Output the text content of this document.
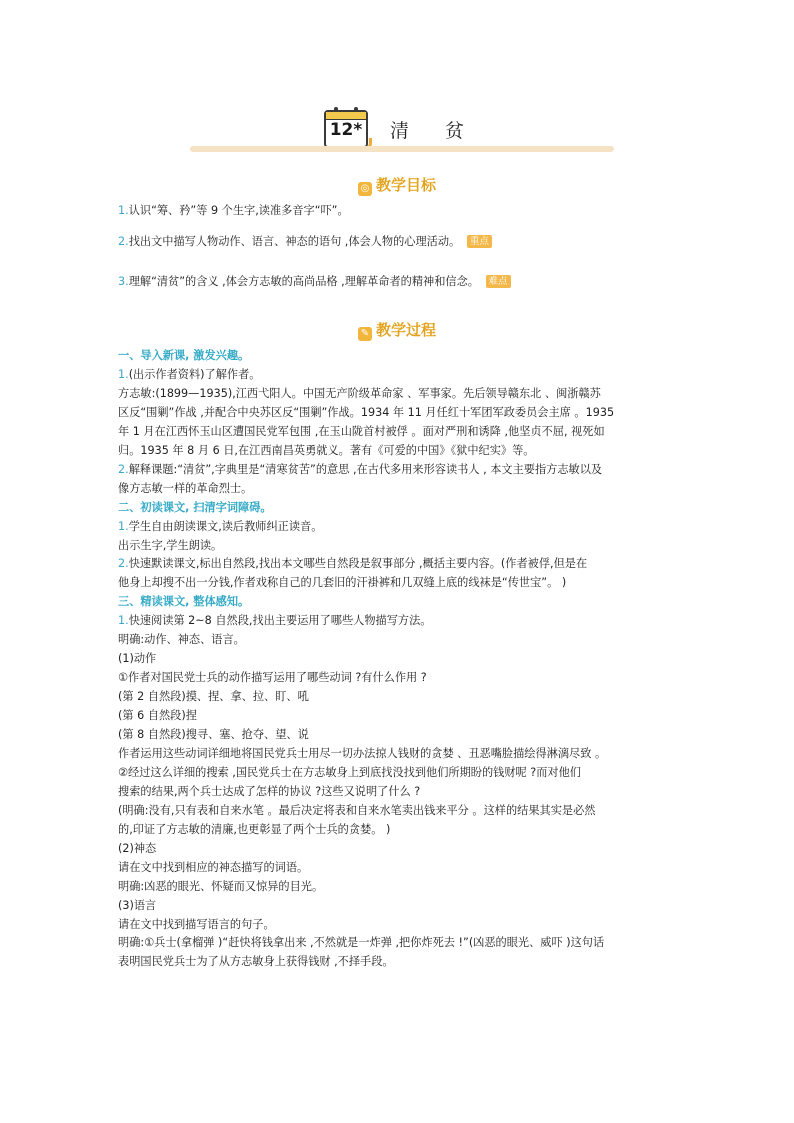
12* 清贫
◎ 教学目标
1.认识“筹、矜”等 9 个生字,读准多音字“吓”。
2.找出文中描写人物动作、语言、神态的语句 ,体会人物的心理活动。 重点
3.理解“清贫”的含义 ,体会方志敏的高尚品格 ,理解革命者的精神和信念。 难点
✎ 教学过程
一、导入新课, 激发兴趣。
1.(出示作者资料)了解作者。
方志敏:(1899—1935),江西弋阳人。中国无产阶级革命家 、军事家。先后领导赣东北 、闽浙赣苏
区反“围剿”作战 ,并配合中央苏区反“围剿”作战。1934 年 11 月任红十军团军政委员会主席 。1935
年 1 月在江西怀玉山区遭国民党军包围 ,在玉山陇首村被俘 。面对严刑和诱降 ,他坚贞不屈, 视死如
归。1935 年 8 月 6 日,在江西南昌英勇就义。著有《可爱的中国》《狱中纪实》等。
2.解释课题:“清贫”,字典里是“清寒贫苦”的意思 ,在古代多用来形容读书人 , 本文主要指方志敏以及
像方志敏一样的革命烈士。
二、初读课文, 扫清字词障碍。
1.学生自由朗读课文,读后教师纠正读音。
出示生字,学生朗读。
2.快速默读课文,标出自然段,找出本文哪些自然段是叙事部分 ,概括主要内容。(作者被俘,但是在
他身上却搜不出一分钱,作者戏称自己的几套旧的汗褂裤和几双缝上底的线袜是“传世宝”。 )
三、精读课文, 整体感知。
1.快速阅读第 2~8 自然段,找出主要运用了哪些人物描写方法。
明确:动作、神态、语言。
(1)动作
①作者对国民党士兵的动作描写运用了哪些动词 ?有什么作用 ?
(第 2 自然段)摸、捏、拿、拉、盯、吼
(第 6 自然段)捏
(第 8 自然段)搜寻、塞、抢夺、望、说
作者运用这些动词详细地将国民党兵士用尽一切办法掠人钱财的贪婪 、丑恶嘴脸描绘得淋漓尽致 。
②经过这么详细的搜索 ,国民党兵士在方志敏身上到底找没找到他们所期盼的钱财呢 ?而对他们
搜索的结果,两个兵士达成了怎样的协议 ?这些又说明了什么 ?
(明确:没有,只有表和自来水笔 。最后决定将表和自来水笔卖出钱来平分 。这样的结果其实是必然
的,印证了方志敏的清廉,也更彰显了两个士兵的贪婪。 )
(2)神态
请在文中找到相应的神态描写的词语。
明确:凶恶的眼光、怀疑而又惊异的目光。
(3)语言
请在文中找到描写语言的句子。
明确:①兵士(拿榴弹 )“赶快将钱拿出来 ,不然就是一炸弹 ,把你炸死去 !”(凶恶的眼光、威吓 )这句话
表明国民党兵士为了从方志敏身上获得钱财 ,不择手段。
